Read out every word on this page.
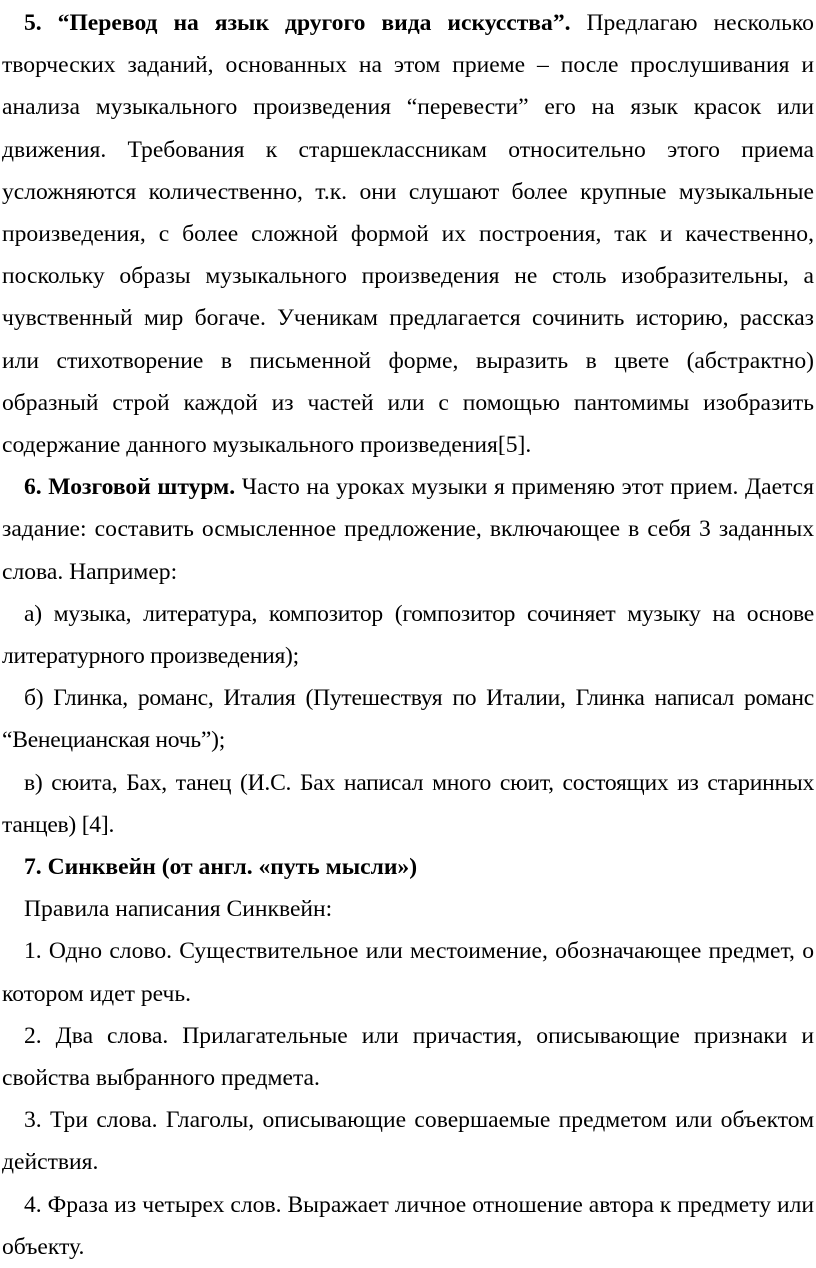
5. “Перевод на язык другого вида искусства”. Предлагаю несколько творческих заданий, основанных на этом приеме – после прослушивания и анализа музыкального произведения “перевести” его на язык красок или движения. Требования к старшеклассникам относительно этого приема усложняются количественно, т.к. они слушают более крупные музыкальные произведения, с более сложной формой их построения, так и качественно, поскольку образы музыкального произведения не столь изобразительны, а чувственный мир богаче. Ученикам предлагается сочинить историю, рассказ или стихотворение в письменной форме, выразить в цвете (абстрактно) образный строй каждой из частей или с помощью пантомимы изобразить содержание данного музыкального произведения[5].

6. Мозговой штурм. Часто на уроках музыки я применяю этот прием. Дается задание: составить осмысленное предложение, включающее в себя 3 заданных слова. Например:

а) музыка, литература, композитор (гомпозитор сочиняет музыку на основе литературного произведения);

б) Глинка, романс, Италия (Путешествуя по Италии, Глинка написал романс “Венецианская ночь”);

в) сюита, Бах, танец (И.С. Бах написал много сюит, состоящих из старинных танцев) [4].

7. Синквейн (от англ. «путь мысли»)

Правила написания Синквейн:

1. Одно слово. Существительное или местоимение, обозначающее предмет, о котором идет речь.

2. Два слова. Прилагательные или причастия, описывающие признаки и свойства выбранного предмета.

3. Три слова. Глаголы, описывающие совершаемые предметом или объектом действия.

4. Фраза из четырех слов. Выражает личное отношение автора к предмету или объекту.
